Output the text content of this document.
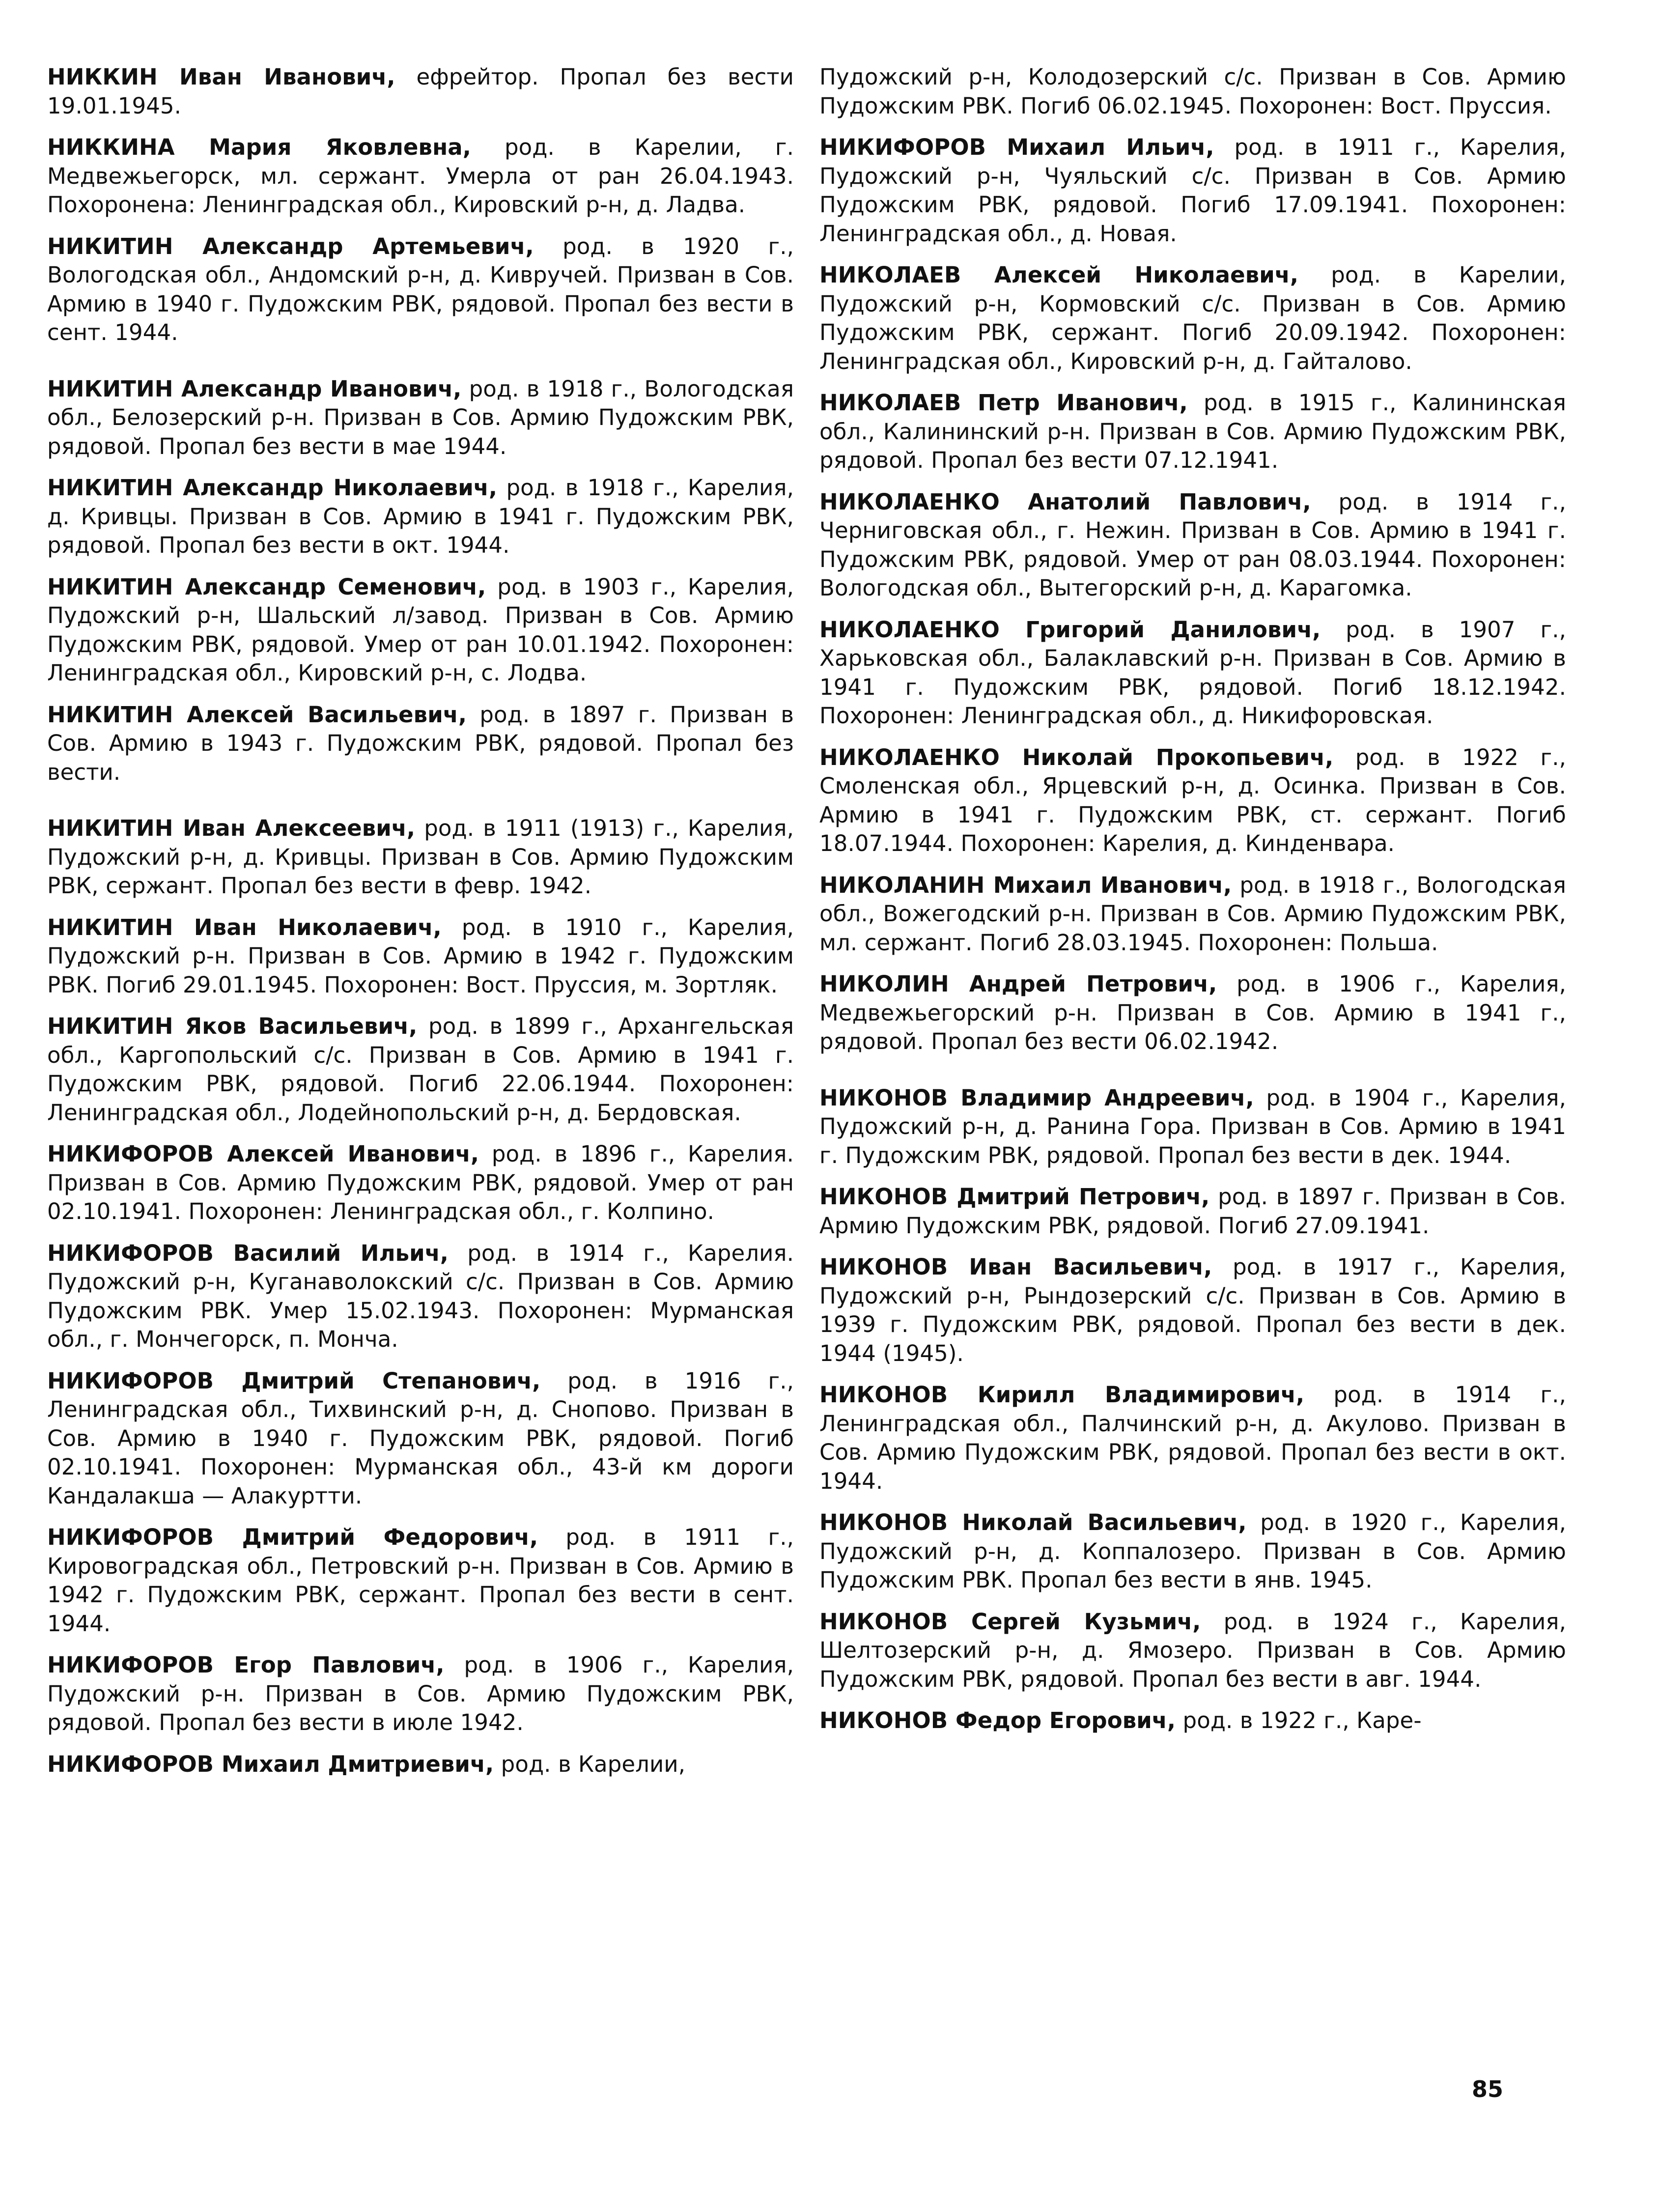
НИККИН Иван Иванович, ефрейтор. Пропал без вести 19.01.1945.

НИККИНА Мария Яковлевна, род. в Карелии, г. Медвежьегорск, мл. сержант. Умерла от ран 26.04.1943. Похоронена: Ленинградская обл., Кировский р-н, д. Ладва.

НИКИТИН Александр Артемьевич, род. в 1920 г., Вологодская обл., Андомский р-н, д. Кивручей. Призван в Сов. Армию в 1940 г. Пудожским РВК, рядовой. Пропал без вести в сент. 1944.

НИКИТИН Александр Иванович, род. в 1918 г., Вологодская обл., Белозерский р-н. Призван в Сов. Армию Пудожским РВК, рядовой. Пропал без вести в мае 1944.

НИКИТИН Александр Николаевич, род. в 1918 г., Карелия, д. Кривцы. Призван в Сов. Армию в 1941 г. Пудожским РВК, рядовой. Пропал без вести в окт. 1944.

НИКИТИН Александр Семенович, род. в 1903 г., Карелия, Пудожский р-н, Шальский л/завод. Призван в Сов. Армию Пудожским РВК, рядовой. Умер от ран 10.01.1942. Похоронен: Ленинградская обл., Кировский р-н, с. Лодва.

НИКИТИН Алексей Васильевич, род. в 1897 г. Призван в Сов. Армию в 1943 г. Пудожским РВК, рядовой. Пропал без вести.

НИКИТИН Иван Алексеевич, род. в 1911 (1913) г., Карелия, Пудожский р-н, д. Кривцы. Призван в Сов. Армию Пудожским РВК, сержант. Пропал без вести в февр. 1942.

НИКИТИН Иван Николаевич, род. в 1910 г., Карелия, Пудожский р-н. Призван в Сов. Армию в 1942 г. Пудожским РВК. Погиб 29.01.1945. Похоронен: Вост. Пруссия, м. Зортляк.

НИКИТИН Яков Васильевич, род. в 1899 г., Архангельская обл., Каргопольский с/с. Призван в Сов. Армию в 1941 г. Пудожским РВК, рядовой. Погиб 22.06.1944. Похоронен: Ленинградская обл., Лодейнопольский р-н, д. Бердовская.

НИКИФОРОВ Алексей Иванович, род. в 1896 г., Карелия. Призван в Сов. Армию Пудожским РВК, рядовой. Умер от ран 02.10.1941. Похоронен: Ленинградская обл., г. Колпино.

НИКИФОРОВ Василий Ильич, род. в 1914 г., Карелия. Пудожский р-н, Куганаволокский с/с. Призван в Сов. Армию Пудожским РВК. Умер 15.02.1943. Похоронен: Мурманская обл., г. Мончегорск, п. Монча.

НИКИФОРОВ Дмитрий Степанович, род. в 1916 г., Ленинградская обл., Тихвинский р-н, д. Снопово. Призван в Сов. Армию в 1940 г. Пудожским РВК, рядовой. Погиб 02.10.1941. Похоронен: Мурманская обл., 43-й км дороги Кандалакша — Алакуртти.

НИКИФОРОВ Дмитрий Федорович, род. в 1911 г., Кировоградская обл., Петровский р-н. Призван в Сов. Армию в 1942 г. Пудожским РВК, сержант. Пропал без вести в сент. 1944.

НИКИФОРОВ Егор Павлович, род. в 1906 г., Карелия, Пудожский р-н. Призван в Сов. Армию Пудожским РВК, рядовой. Пропал без вести в июле 1942.

НИКИФОРОВ Михаил Дмитриевич, род. в Карелии,

Пудожский р-н, Колодозерский с/с. Призван в Сов. Армию Пудожским РВК. Погиб 06.02.1945. Похоронен: Вост. Пруссия.

НИКИФОРОВ Михаил Ильич, род. в 1911 г., Карелия, Пудожский р-н, Чуяльский с/с. Призван в Сов. Армию Пудожским РВК, рядовой. Погиб 17.09.1941. Похоронен: Ленинградская обл., д. Новая.

НИКОЛАЕВ Алексей Николаевич, род. в Карелии, Пудожский р-н, Кормовский с/с. Призван в Сов. Армию Пудожским РВК, сержант. Погиб 20.09.1942. Похоронен: Ленинградская обл., Кировский р-н, д. Гайталово.

НИКОЛАЕВ Петр Иванович, род. в 1915 г., Калининская обл., Калининский р-н. Призван в Сов. Армию Пудожским РВК, рядовой. Пропал без вести 07.12.1941.

НИКОЛАЕНКО Анатолий Павлович, род. в 1914 г., Черниговская обл., г. Нежин. Призван в Сов. Армию в 1941 г. Пудожским РВК, рядовой. Умер от ран 08.03.1944. Похоронен: Вологодская обл., Вытегорский р-н, д. Карагомка.

НИКОЛАЕНКО Григорий Данилович, род. в 1907 г., Харьковская обл., Балаклавский р-н. Призван в Сов. Армию в 1941 г. Пудожским РВК, рядовой. Погиб 18.12.1942. Похоронен: Ленинградская обл., д. Никифоровская.

НИКОЛАЕНКО Николай Прокопьевич, род. в 1922 г., Смоленская обл., Ярцевский р-н, д. Осинка. Призван в Сов. Армию в 1941 г. Пудожским РВК, ст. сержант. Погиб 18.07.1944. Похоронен: Карелия, д. Кинденвара.

НИКОЛАНИН Михаил Иванович, род. в 1918 г., Вологодская обл., Вожегодский р-н. Призван в Сов. Армию Пудожским РВК, мл. сержант. Погиб 28.03.1945. Похоронен: Польша.

НИКОЛИН Андрей Петрович, род. в 1906 г., Карелия, Медвежьегорский р-н. Призван в Сов. Армию в 1941 г., рядовой. Пропал без вести 06.02.1942.

НИКОНОВ Владимир Андреевич, род. в 1904 г., Карелия, Пудожский р-н, д. Ранина Гора. Призван в Сов. Армию в 1941 г. Пудожским РВК, рядовой. Пропал без вести в дек. 1944.

НИКОНОВ Дмитрий Петрович, род. в 1897 г. Призван в Сов. Армию Пудожским РВК, рядовой. Погиб 27.09.1941.

НИКОНОВ Иван Васильевич, род. в 1917 г., Карелия, Пудожский р-н, Рындозерский с/с. Призван в Сов. Армию в 1939 г. Пудожским РВК, рядовой. Пропал без вести в дек. 1944 (1945).

НИКОНОВ Кирилл Владимирович, род. в 1914 г., Ленинградская обл., Палчинский р-н, д. Акулово. Призван в Сов. Армию Пудожским РВК, рядовой. Пропал без вести в окт. 1944.

НИКОНОВ Николай Васильевич, род. в 1920 г., Карелия, Пудожский р-н, д. Коппалозеро. Призван в Сов. Армию Пудожским РВК. Пропал без вести в янв. 1945.

НИКОНОВ Сергей Кузьмич, род. в 1924 г., Карелия, Шелтозерский р-н, д. Ямозеро. Призван в Сов. Армию Пудожским РВК, рядовой. Пропал без вести в авг. 1944.

НИКОНОВ Федор Егорович, род. в 1922 г., Каре-

85
